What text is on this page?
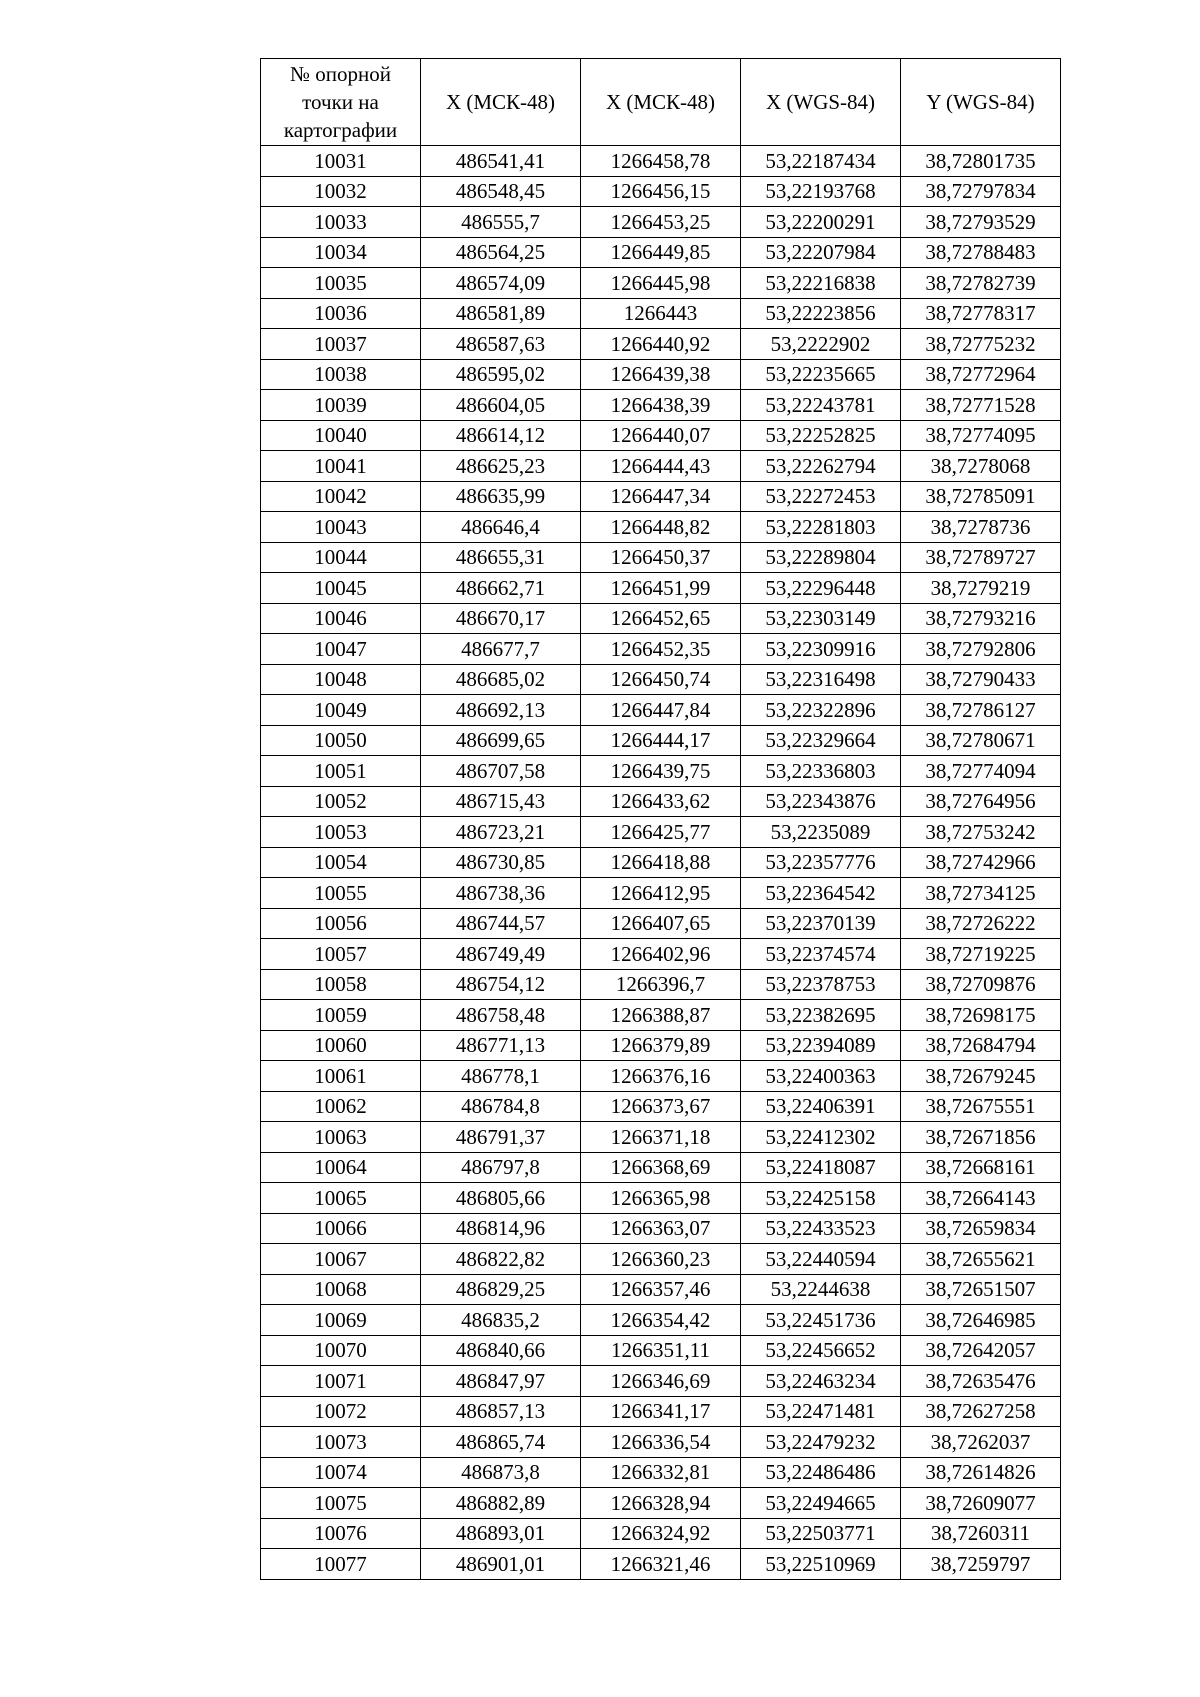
№ опорной точки на картографии	X (МСК-48)	X (МСК-48)	X (WGS-84)	Y (WGS-84)
10031	486541,41	1266458,78	53,22187434	38,72801735
10032	486548,45	1266456,15	53,22193768	38,72797834
10033	486555,7	1266453,25	53,22200291	38,72793529
10034	486564,25	1266449,85	53,22207984	38,72788483
10035	486574,09	1266445,98	53,22216838	38,72782739
10036	486581,89	1266443	53,22223856	38,72778317
10037	486587,63	1266440,92	53,2222902	38,72775232
10038	486595,02	1266439,38	53,22235665	38,72772964
10039	486604,05	1266438,39	53,22243781	38,72771528
10040	486614,12	1266440,07	53,22252825	38,72774095
10041	486625,23	1266444,43	53,22262794	38,7278068
10042	486635,99	1266447,34	53,22272453	38,72785091
10043	486646,4	1266448,82	53,22281803	38,7278736
10044	486655,31	1266450,37	53,22289804	38,72789727
10045	486662,71	1266451,99	53,22296448	38,7279219
10046	486670,17	1266452,65	53,22303149	38,72793216
10047	486677,7	1266452,35	53,22309916	38,72792806
10048	486685,02	1266450,74	53,22316498	38,72790433
10049	486692,13	1266447,84	53,22322896	38,72786127
10050	486699,65	1266444,17	53,22329664	38,72780671
10051	486707,58	1266439,75	53,22336803	38,72774094
10052	486715,43	1266433,62	53,22343876	38,72764956
10053	486723,21	1266425,77	53,2235089	38,72753242
10054	486730,85	1266418,88	53,22357776	38,72742966
10055	486738,36	1266412,95	53,22364542	38,72734125
10056	486744,57	1266407,65	53,22370139	38,72726222
10057	486749,49	1266402,96	53,22374574	38,72719225
10058	486754,12	1266396,7	53,22378753	38,72709876
10059	486758,48	1266388,87	53,22382695	38,72698175
10060	486771,13	1266379,89	53,22394089	38,72684794
10061	486778,1	1266376,16	53,22400363	38,72679245
10062	486784,8	1266373,67	53,22406391	38,72675551
10063	486791,37	1266371,18	53,22412302	38,72671856
10064	486797,8	1266368,69	53,22418087	38,72668161
10065	486805,66	1266365,98	53,22425158	38,72664143
10066	486814,96	1266363,07	53,22433523	38,72659834
10067	486822,82	1266360,23	53,22440594	38,72655621
10068	486829,25	1266357,46	53,2244638	38,72651507
10069	486835,2	1266354,42	53,22451736	38,72646985
10070	486840,66	1266351,11	53,22456652	38,72642057
10071	486847,97	1266346,69	53,22463234	38,72635476
10072	486857,13	1266341,17	53,22471481	38,72627258
10073	486865,74	1266336,54	53,22479232	38,7262037
10074	486873,8	1266332,81	53,22486486	38,72614826
10075	486882,89	1266328,94	53,22494665	38,72609077
10076	486893,01	1266324,92	53,22503771	38,7260311
10077	486901,01	1266321,46	53,22510969	38,7259797
